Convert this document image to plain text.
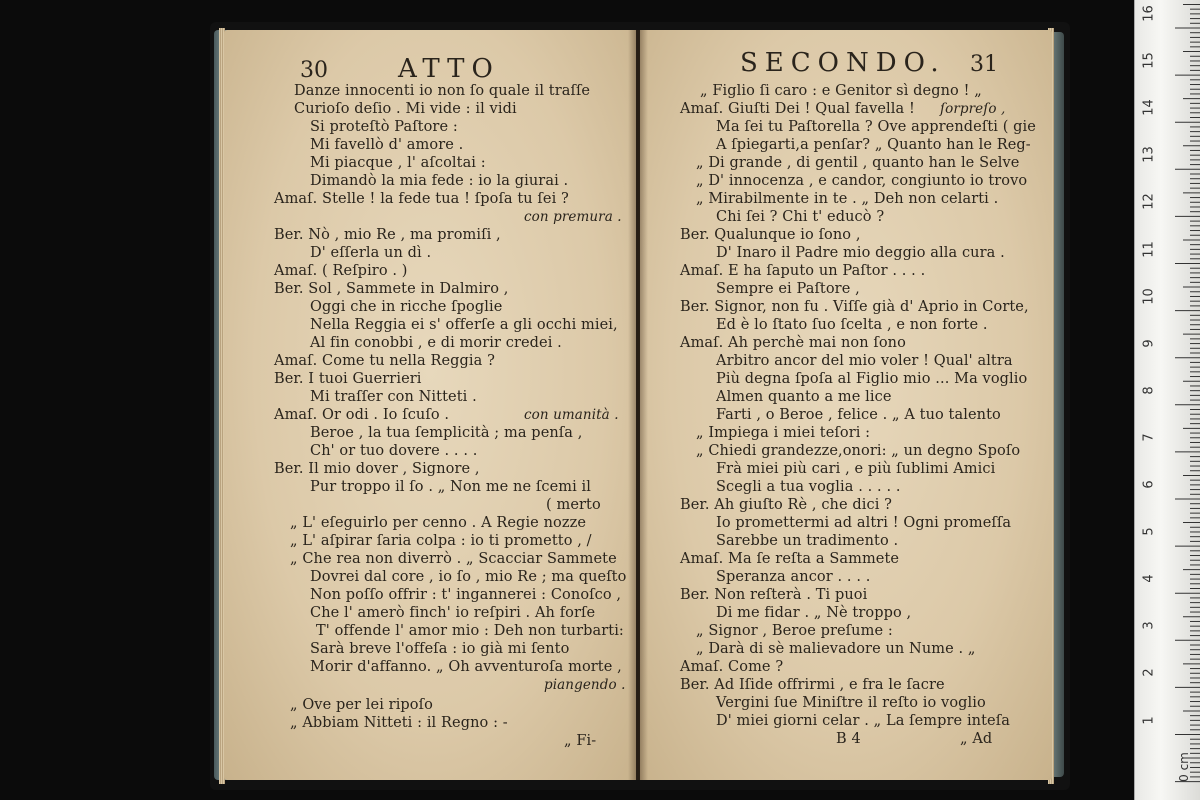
30	ATTO
Danze innocenti io non ſo quale il traſſe
Curioſo deſio . Mi vide : il vidi
Si proteſtò Paſtore :
Mi favellò d' amore .
Mi piacque , l' aſcoltai :
Dimandò la mia fede : io la giurai .
Amaſ. Stelle ! la fede tua ! ſpoſa tu ſei ?
con premura .
Ber. Nò , mio Re , ma promiſi ,
D' eſſerla un dì .
Amaſ. ( Reſpiro . )
Ber. Sol , Sammete in Dalmiro ,
Oggi che in ricche ſpoglie
Nella Reggia ei s' offerſe a gli occhi miei,
Al fin conobbi , e di morir credei .
Amaſ. Come tu nella Reggia ?
Ber. I tuoi Guerrieri
Mi traſſer con Nitteti .
Amaſ. Or odi . Io ſcuſo .	con umanità .
Beroe , la tua ſemplicità ; ma penſa ,
Ch' or tuo dovere . . . .
Ber. Il mio dover , Signore ,
Pur troppo il ſo . „ Non me ne ſcemi il
( merto
„ L' eſeguirlo per cenno . A Regie nozze
„ L' aſpirar ſaria colpa : io ti prometto , /
„ Che rea non diverrò . „ Scacciar Sammete
Dovrei dal core , io ſo , mio Re ; ma queſto
Non poſſo offrir : t' ingannerei : Conoſco ,
Che l' amerò finch' io reſpiri . Ah forſe
T' offende l' amor mio : Deh non turbarti:
Sarà breve l'offeſa : io già mi ſento
Morir d'affanno. „ Oh avventuroſa morte ,
piangendo .
„ Ove per lei ripoſo
„ Abbiam Nitteti : il Regno : -
„ Fi-
SECONDO. 31
„ Figlio ſi caro : e Genitor sì degno ! „
Amaſ. Giuſti Dei ! Qual favella ! ſorpreſo ,
Ma ſei tu Paſtorella ? Ove apprendeſti ( gie
A ſpiegarti,a penſar? „ Quanto han le Reg-
„ Di grande , di gentil , quanto han le Selve
„ D' innocenza , e candor, congiunto io trovo
„ Mirabilmente in te . „ Deh non celarti .
Chi ſei ? Chi t' educò ?
Ber. Qualunque io ſono ,
D' Inaro il Padre mio deggio alla cura .
Amaſ. E ha ſaputo un Paſtor . . . .
Sempre ei Paſtore ,
Ber. Signor, non fu . Viſſe già d' Aprio in Corte,
Ed è lo ſtato ſuo ſcelta , e non forte .
Amaſ. Ah perchè mai non ſono
Arbitro ancor del mio voler ! Qual' altra
Più degna ſpoſa al Figlio mio ... Ma voglio
Almen quanto a me lice
Farti , o Beroe , felice . „ A tuo talento
„ Impiega i miei teſori :
„ Chiedi grandezze,onori: „ un degno Spoſo
Frà miei più cari , e più ſublimi Amici
Scegli a tua voglia . . . . .
Ber. Ah giuſto Rè , che dici ?
Io promettermi ad altri ! Ogni promeſſa
Sarebbe un tradimento .
Amaſ. Ma ſe reſta a Sammete
Speranza ancor . . . .
Ber. Non reſterà . Ti puoi
Di me fidar . „ Nè troppo ,
„ Signor , Beroe preſume :
„ Darà di sè malievadore un Nume . „
Amaſ. Come ?
Ber. Ad Iſide offrirmi , e fra le ſacre
Vergini ſue Miniſtre il reſto io voglio
D' miei giorni celar . „ La ſempre inteſa
B 4	„ Ad
0 cm
16
15
14
13
12
11
10
9
8
7
6
5
4
3
2
1
